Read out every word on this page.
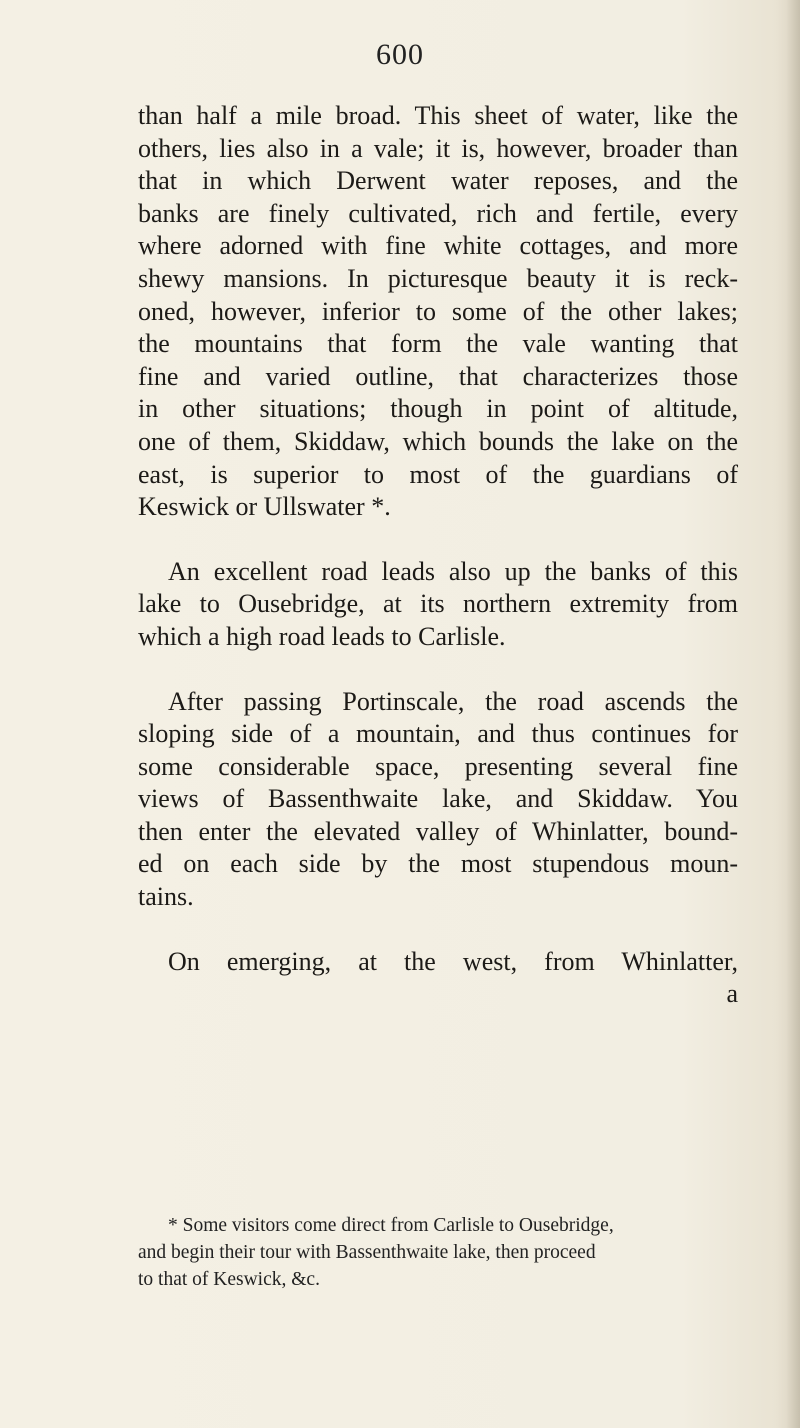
600
than half a mile broad. This sheet of water, like the
others, lies also in a vale; it is, however, broader than
that in which Derwent water reposes, and the
banks are finely cultivated, rich and fertile, every
where adorned with fine white cottages, and more
shewy mansions. In picturesque beauty it is reck-
oned, however, inferior to some of the other lakes;
the mountains that form the vale wanting that
fine and varied outline, that characterizes those
in other situations; though in point of altitude,
one of them, Skiddaw, which bounds the lake on the
east, is superior to most of the guardians of
Keswick or Ullswater *.
An excellent road leads also up the banks of this
lake to Ousebridge, at its northern extremity from
which a high road leads to Carlisle.
After passing Portinscale, the road ascends the
sloping side of a mountain, and thus continues for
some considerable space, presenting several fine
views of Bassenthwaite lake, and Skiddaw. You
then enter the elevated valley of Whinlatter, bound-
ed on each side by the most stupendous moun-
tains.
On emerging, at the west, from Whinlatter,
a
* Some visitors come direct from Carlisle to Ousebridge,
and begin their tour with Bassenthwaite lake, then proceed
to that of Keswick, &c.
